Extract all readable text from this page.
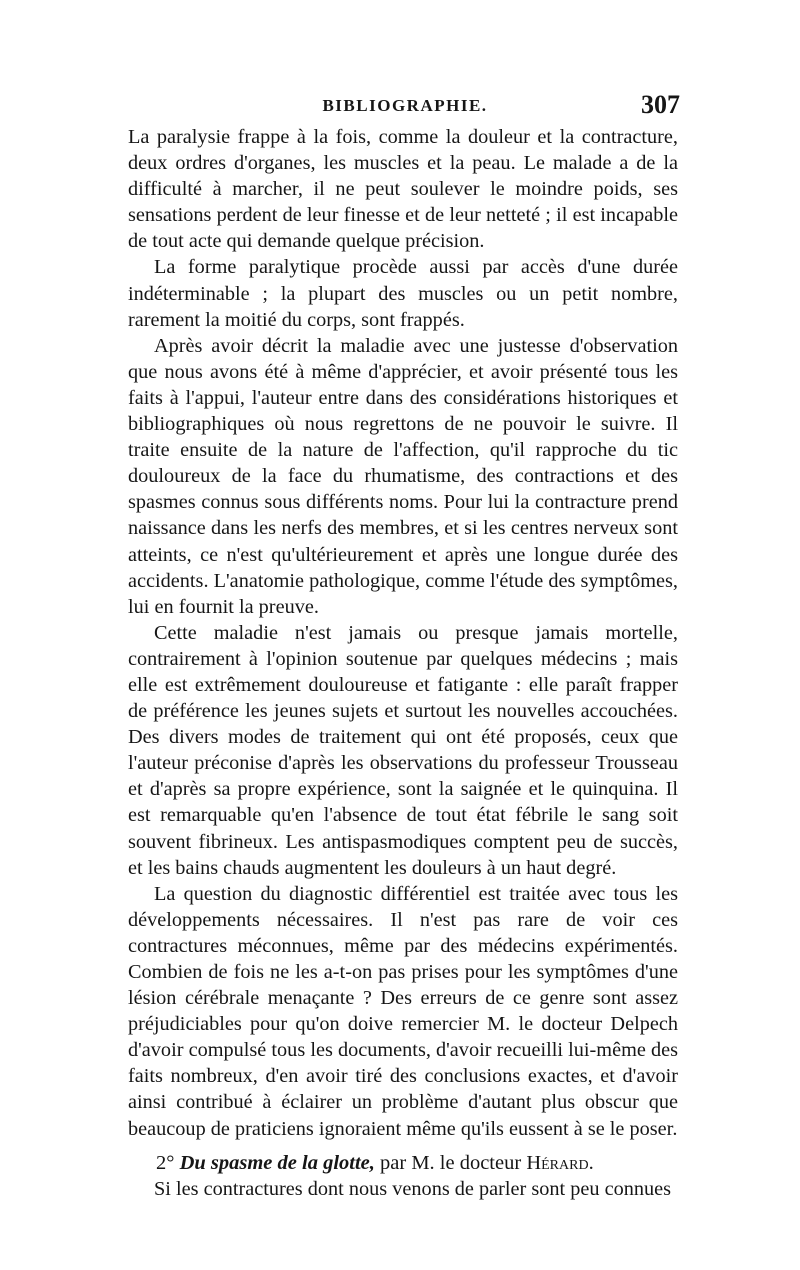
BIBLIOGRAPHIE.	307

La paralysie frappe à la fois, comme la douleur et la contracture, deux ordres d'organes, les muscles et la peau. Le malade a de la difficulté à marcher, il ne peut soulever le moindre poids, ses sensations perdent de leur finesse et de leur netteté ; il est incapable de tout acte qui demande quelque précision.

La forme paralytique procède aussi par accès d'une durée indéterminable ; la plupart des muscles ou un petit nombre, rarement la moitié du corps, sont frappés.

Après avoir décrit la maladie avec une justesse d'observation que nous avons été à même d'apprécier, et avoir présenté tous les faits à l'appui, l'auteur entre dans des considérations historiques et bibliographiques où nous regrettons de ne pouvoir le suivre. Il traite ensuite de la nature de l'affection, qu'il rapproche du tic douloureux de la face du rhumatisme, des contractions et des spasmes connus sous différents noms. Pour lui la contracture prend naissance dans les nerfs des membres, et si les centres nerveux sont atteints, ce n'est qu'ultérieurement et après une longue durée des accidents. L'anatomie pathologique, comme l'étude des symptômes, lui en fournit la preuve.

Cette maladie n'est jamais ou presque jamais mortelle, contrairement à l'opinion soutenue par quelques médecins ; mais elle est extrêmement douloureuse et fatigante : elle paraît frapper de préférence les jeunes sujets et surtout les nouvelles accouchées. Des divers modes de traitement qui ont été proposés, ceux que l'auteur préconise d'après les observations du professeur Trousseau et d'après sa propre expérience, sont la saignée et le quinquina. Il est remarquable qu'en l'absence de tout état fébrile le sang soit souvent fibrineux. Les antispasmodiques comptent peu de succès, et les bains chauds augmentent les douleurs à un haut degré.

La question du diagnostic différentiel est traitée avec tous les développements nécessaires. Il n'est pas rare de voir ces contractures méconnues, même par des médecins expérimentés. Combien de fois ne les a-t-on pas prises pour les symptômes d'une lésion cérébrale menaçante ? Des erreurs de ce genre sont assez préjudiciables pour qu'on doive remercier M. le docteur Delpech d'avoir compulsé tous les documents, d'avoir recueilli lui-même des faits nombreux, d'en avoir tiré des conclusions exactes, et d'avoir ainsi contribué à éclairer un problème d'autant plus obscur que beaucoup de praticiens ignoraient même qu'ils eussent à se le poser.

2° Du spasme de la glotte, par M. le docteur Hérard.

Si les contractures dont nous venons de parler sont peu connues
